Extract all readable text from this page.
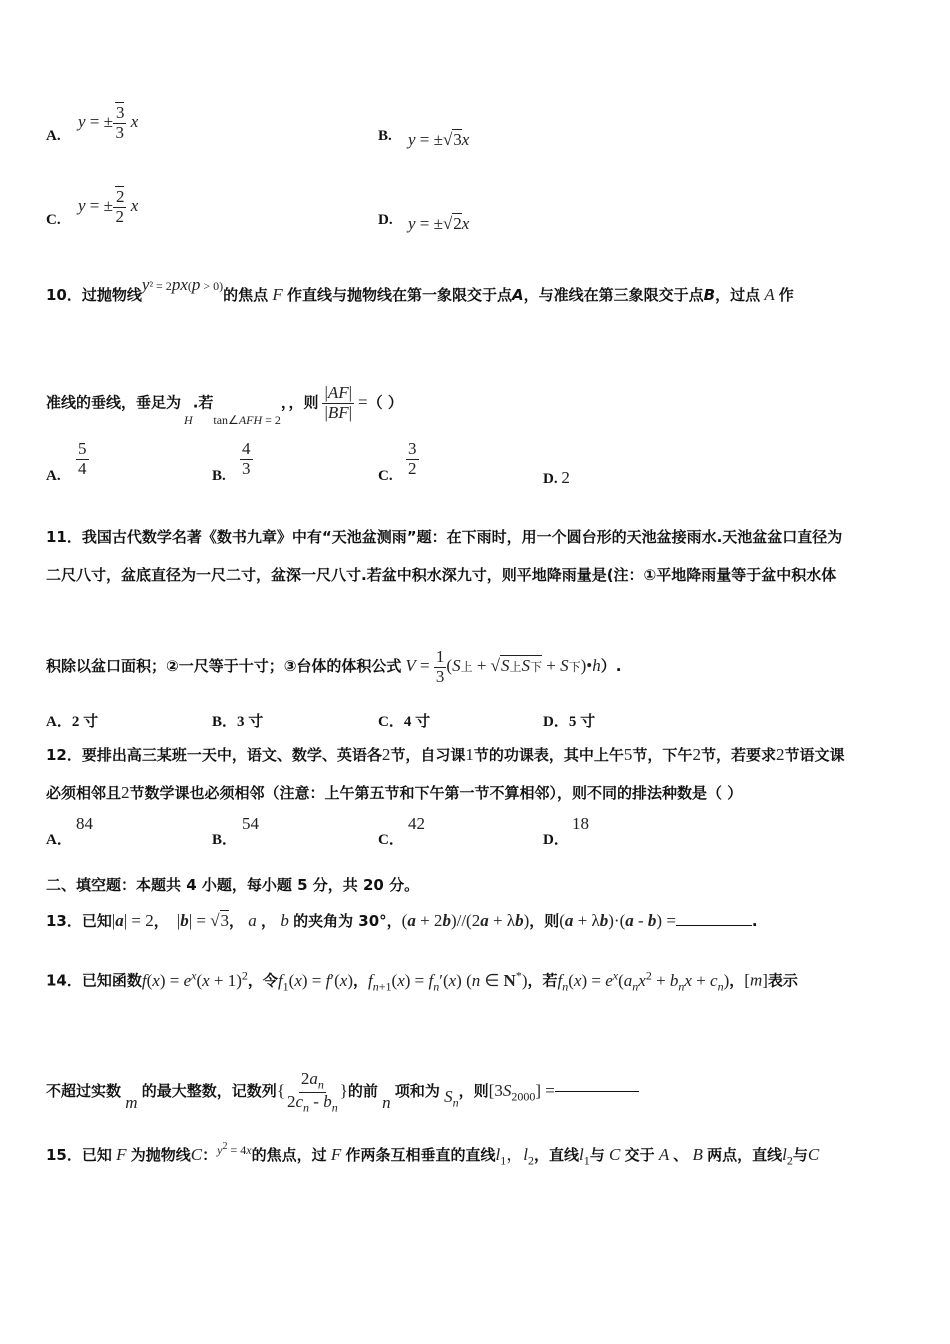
A.
y = ± $\frac{3}{3}$ x
B. y = ±√3x
C.
y = ± $\frac{2}{2}$ x
D. y = ±√2x
10．过抛物线$^{y^2 = 2px(p > 0)}$的焦点 F 作直线与抛物线在第一象限交于点A，与准线在第三象限交于点B，过点 A 作
准线的垂线，垂足为 $_H$.若$_{tan\angle AFH = 2}$，，则 $\frac{|AF|}{|BF|}$ =（ ）
A. $\frac{5}{4}$	B. $\frac{4}{3}$	C. $\frac{3}{2}$
D. 2
11．我国古代数学名著《数书九章》中有“天池盆测雨”题：在下雨时，用一个圆台形的天池盆接雨水.天池盆盆口直径为
二尺八寸，盆底直径为一尺二寸，盆深一尺八寸.若盆中积水深九寸，则平地降雨量是(注：①平地降雨量等于盆中积水体
积除以盆口面积；②一尺等于十寸；③台体的体积公式 $V = \frac{1}{3} (S$上 + √S上S下 + S下)•h）.
A．2 寸	B．3 寸	C．4 寸	D．5 寸
12．要排出高三某班一天中，语文、数学、英语各2节，自习课1节的功课表，其中上午5节，下午2节，若要求2节语文课
必须相邻且2节数学课也必须相邻（注意：上午第五节和下午第一节不算相邻），则不同的排法种数是（ ）
A．
84
B．
54
C．
42
D．
18
二、填空题：本题共 4 小题，每小题 5 分，共 20 分。
13．已知|a| = 2， |b| = √3， a ， b 的夹角为 30°，(a + 2b)//(2a + λb)，则(a + λb)·(a - b) =	.
14．已知函数$f(x) = e^x(x + 1)^2$，令$f_1(x) = f'(x)$，$f_{n+1}(x) = f_n'(x)$ (n ∈ N*)，若$f_n(x) = e^x(a_nx^2 + b_nx + c_n)$，[m]表示
不超过实数 m 的最大整数，记数列{ $\frac{2a_n}{2c_n - b_n}$ }的前 n 项和为 $S_n$，则$[3S_{2000}]$ =
15．已知 F 为抛物线C：$^{y^2 = 4x}$的焦点，过 F 作两条互相垂直的直线$l_1$，$l_2$，直线$l_1$与 C 交于 A 、 B 两点，直线$l_2$与C
